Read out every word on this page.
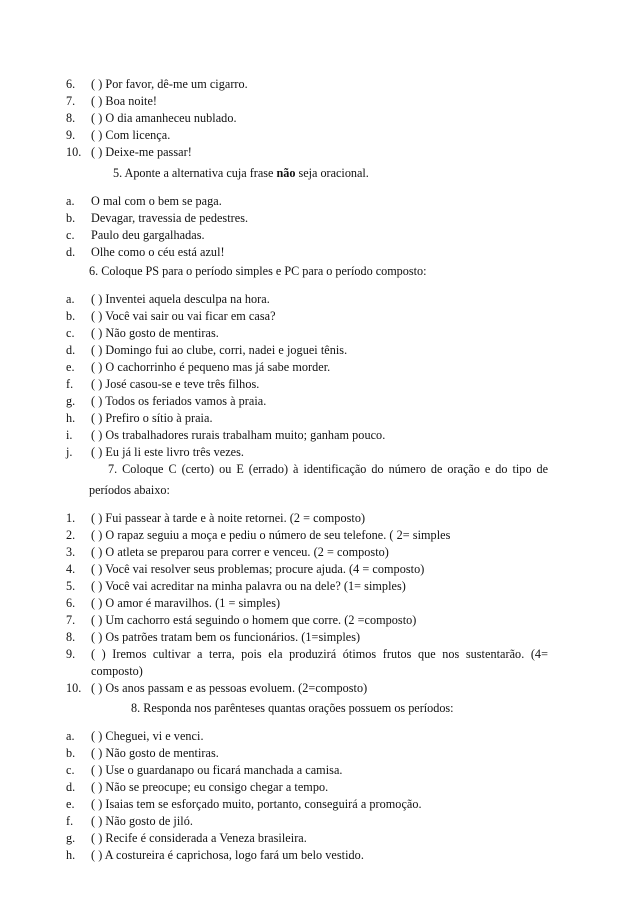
6. ( ) Por favor, dê-me um cigarro.
7. ( ) Boa noite!
8. ( ) O dia amanheceu nublado.
9. ( ) Com licença.
10. ( ) Deixe-me passar!
5. Aponte a alternativa cuja frase não seja oracional.
a. O mal com o bem se paga.
b. Devagar, travessia de pedestres.
c. Paulo deu gargalhadas.
d. Olhe como o céu está azul!
6. Coloque PS para o período simples e PC para o período composto:
a. ( ) Inventei aquela desculpa na hora.
b. ( ) Você vai sair ou vai ficar em casa?
c. ( ) Não gosto de mentiras.
d. ( ) Domingo fui ao clube, corri, nadei e joguei tênis.
e. ( ) O cachorrinho é pequeno mas já sabe morder.
f. ( ) José casou-se e teve três filhos.
g. ( ) Todos os feriados vamos à praia.
h. ( ) Prefiro o sítio à praia.
i. ( ) Os trabalhadores rurais trabalham muito; ganham pouco.
j. ( ) Eu já li este livro três vezes.
7. Coloque C (certo) ou E (errado) à identificação do número de oração e do tipo de
períodos abaixo:
1. ( ) Fui passear à tarde e à noite retornei. (2 = composto)
2. ( ) O rapaz seguiu a moça e pediu o número de seu telefone. ( 2= simples
3. ( ) O atleta se preparou para correr e venceu. (2 = composto)
4. ( ) Você vai resolver seus problemas; procure ajuda. (4 = composto)
5. ( ) Você vai acreditar na minha palavra ou na dele? (1= simples)
6. ( ) O amor é maravilhos. (1 = simples)
7. ( ) Um cachorro está seguindo o homem que corre. (2 =composto)
8. ( ) Os patrões tratam bem os funcionários. (1=simples)
9. ( ) Iremos cultivar a terra, pois ela produzirá ótimos frutos que nos sustentarão. (4=
composto)
10. ( ) Os anos passam e as pessoas evoluem. (2=composto)
8. Responda nos parênteses quantas orações possuem os períodos:
a. ( ) Cheguei, vi e venci.
b. ( ) Não gosto de mentiras.
c. ( ) Use o guardanapo ou ficará manchada a camisa.
d. ( ) Não se preocupe; eu consigo chegar a tempo.
e. ( ) Isaias tem se esforçado muito, portanto, conseguirá a promoção.
f. ( ) Não gosto de jiló.
g. ( ) Recife é considerada a Veneza brasileira.
h. ( ) A costureira é caprichosa, logo fará um belo vestido.
